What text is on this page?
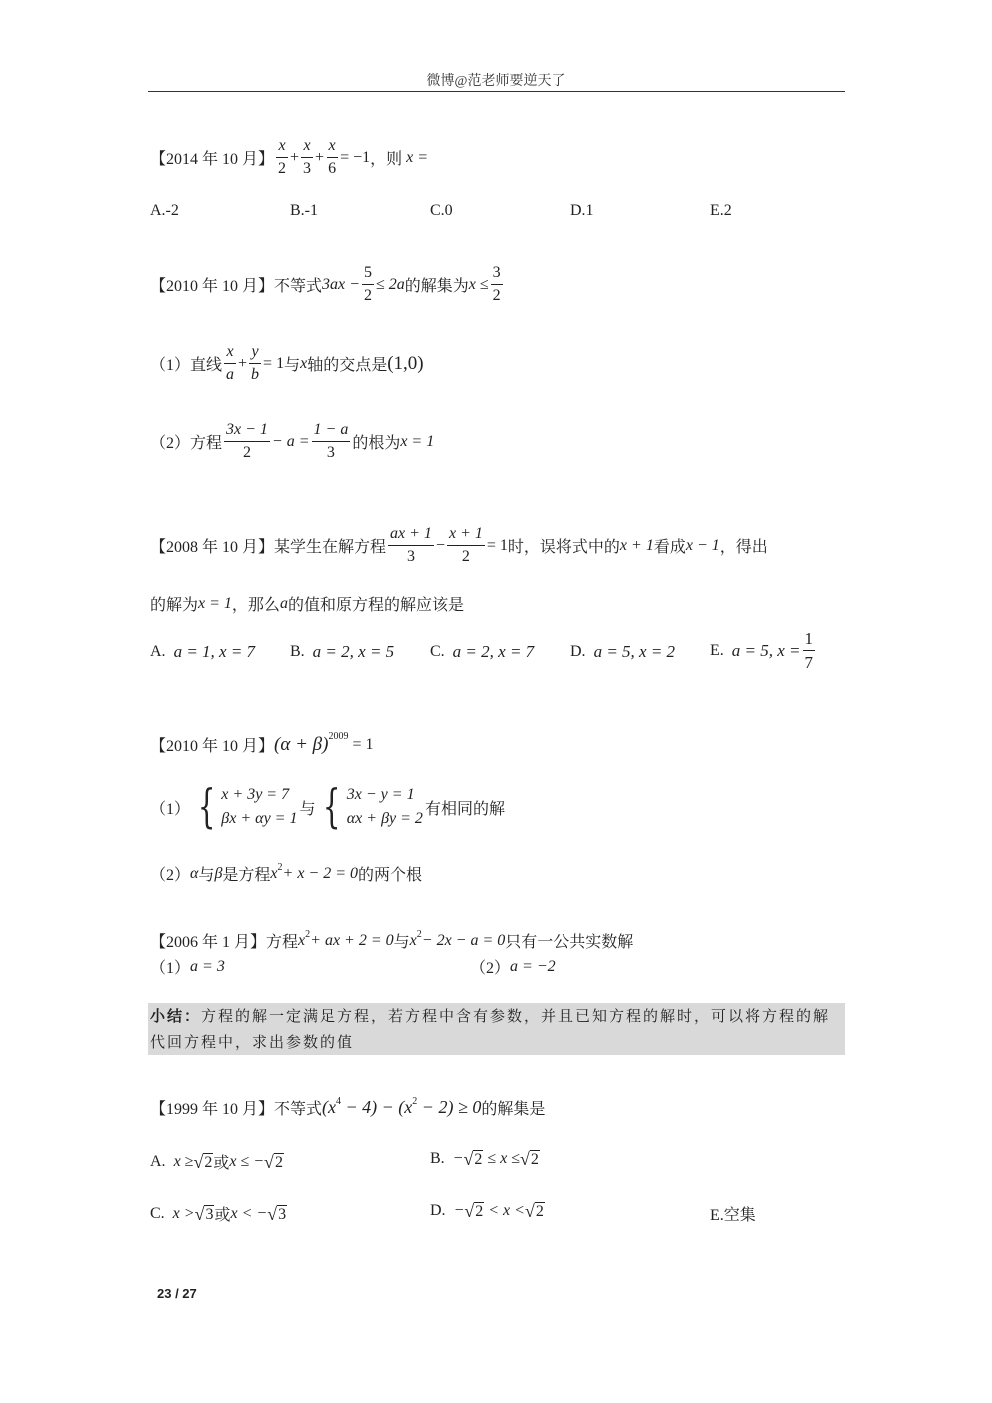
微博@范老师要逆天了
【2014 年 10 月】 $\frac{x}{2} + \frac{x}{3} + \frac{x}{6} = -1$ ，则 x =
A.-2	B.-1	C.0	D.1	E.2
【2010 年 10 月】 不等式 $3ax - \frac{5}{2} \le 2a$ 的解集为 $x \le \frac{3}{2}$
（1）直线 $\frac{x}{a} + \frac{y}{b} = 1$ 与 x 轴的交点是 (1,0)
（2）方程 $\frac{3x - 1}{2} - a = \frac{1 - a}{3}$ 的根为 x = 1
【2008 年 10 月】 某学生在解方程 $\frac{ax + 1}{3} - \frac{x + 1}{2} = 1$ 时，误将式中的 x + 1 看成 x − 1 ，得出
的解为 x = 1 ，那么 a 的值和原方程的解应该是
A. a = 1, x = 7 B. a = 2, x = 5 C. a = 2, x = 7 D. a = 5, x = 2 E. a = 5, $x = \frac{1}{7}$
【2010 年 10 月】 $(\alpha + \beta)^{2009} = 1$
（1） { x + 3y = 7
βx + αy = 1
与 { 3x − y = 1
αx + βy = 2
有相同的解
（2） α 与 β 是方程 $x^2 + x - 2 = 0$ 的两个根
【2006 年 1 月】 方程 $x^2$ + ax + 2 = 0 与 $x^2 - 2x - a = 0$ 只有一公共实数解
（1） a = 3	（2） a = −2
小结：方程的解一定满足方程，若方程中含有参数，并且已知方程的解时，可以将方程的解代回方程中，求出参数的值
【1999 年 10 月】 不等式 $(x^4 - 4) - (x^2 - 2) \ge 0$ 的解集是
A. x ≥ √ 2 或 x ≤ − √ 2	B. − √ 2 ≤ x ≤ √ 2
C. x > √ 3 或 x < − √ 3	D. − √ 2 < x < √ 2	E.空集
23 / 27
